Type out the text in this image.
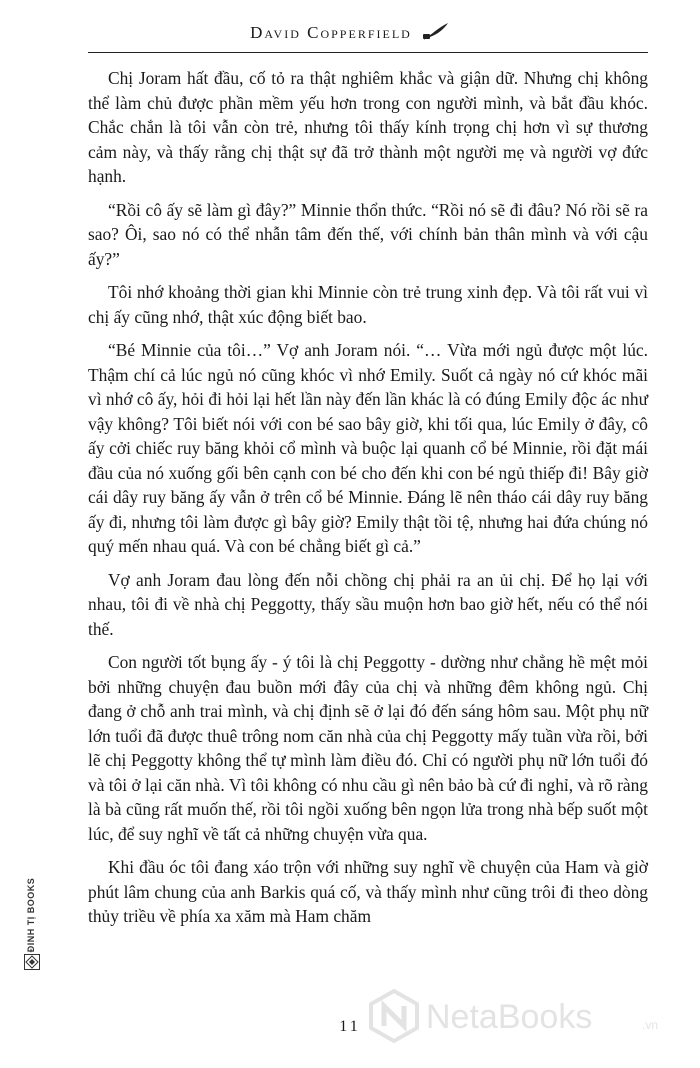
David Copperfield

Chị Joram hất đầu, cố tỏ ra thật nghiêm khắc và giận dữ. Nhưng chị không thể làm chủ được phần mềm yếu hơn trong con người mình, và bắt đầu khóc. Chắc chắn là tôi vẫn còn trẻ, nhưng tôi thấy kính trọng chị hơn vì sự thương cảm này, và thấy rằng chị thật sự đã trở thành một người mẹ và người vợ đức hạnh.

“Rồi cô ấy sẽ làm gì đây?” Minnie thổn thức. “Rồi nó sẽ đi đâu? Nó rồi sẽ ra sao? Ôi, sao nó có thể nhẫn tâm đến thế, với chính bản thân mình và với cậu ấy?”

Tôi nhớ khoảng thời gian khi Minnie còn trẻ trung xinh đẹp. Và tôi rất vui vì chị ấy cũng nhớ, thật xúc động biết bao.

“Bé Minnie của tôi…” Vợ anh Joram nói. “… Vừa mới ngủ được một lúc. Thậm chí cả lúc ngủ nó cũng khóc vì nhớ Emily. Suốt cả ngày nó cứ khóc mãi vì nhớ cô ấy, hỏi đi hỏi lại hết lần này đến lần khác là có đúng Emily độc ác như vậy không? Tôi biết nói với con bé sao bây giờ, khi tối qua, lúc Emily ở đây, cô ấy cởi chiếc ruy băng khỏi cổ mình và buộc lại quanh cổ bé Minnie, rồi đặt mái đầu của nó xuống gối bên cạnh con bé cho đến khi con bé ngủ thiếp đi! Bây giờ cái dây ruy băng ấy vẫn ở trên cổ bé Minnie. Đáng lẽ nên tháo cái dây ruy băng ấy đi, nhưng tôi làm được gì bây giờ? Emily thật tồi tệ, nhưng hai đứa chúng nó quý mến nhau quá. Và con bé chẳng biết gì cả.”

Vợ anh Joram đau lòng đến nỗi chồng chị phải ra an ủi chị. Để họ lại với nhau, tôi đi về nhà chị Peggotty, thấy sầu muộn hơn bao giờ hết, nếu có thể nói thế.

Con người tốt bụng ấy - ý tôi là chị Peggotty - dường như chẳng hề mệt mỏi bởi những chuyện đau buồn mới đây của chị và những đêm không ngủ. Chị đang ở chỗ anh trai mình, và chị định sẽ ở lại đó đến sáng hôm sau. Một phụ nữ lớn tuổi đã được thuê trông nom căn nhà của chị Peggotty mấy tuần vừa rồi, bởi lẽ chị Peggotty không thể tự mình làm điều đó. Chỉ có người phụ nữ lớn tuổi đó và tôi ở lại căn nhà. Vì tôi không có nhu cầu gì nên bảo bà cứ đi nghỉ, và rõ ràng là bà cũng rất muốn thế, rồi tôi ngồi xuống bên ngọn lửa trong nhà bếp suốt một lúc, để suy nghĩ về tất cả những chuyện vừa qua.

Khi đầu óc tôi đang xáo trộn với những suy nghĩ về chuyện của Ham và giờ phút lâm chung của anh Barkis quá cố, và thấy mình như cũng trôi đi theo dòng thủy triều về phía xa xăm mà Ham chăm

11
ĐINH TỊ BOOKS
NetaBooks	.vn
